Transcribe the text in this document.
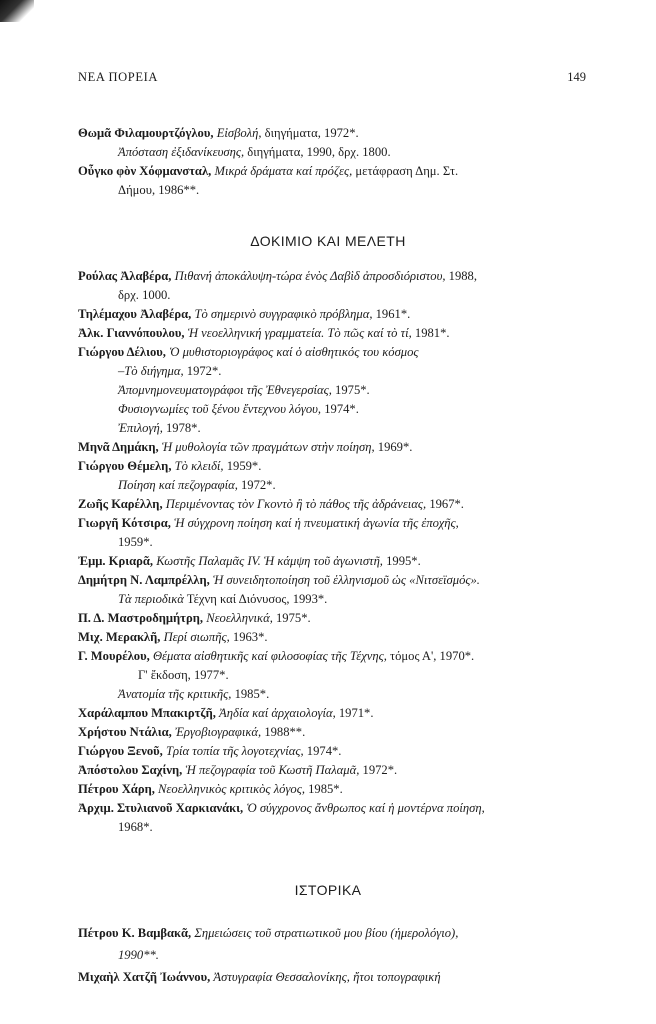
ΝΕΑ ΠΟΡΕΙΑ	149
Θωμᾶ Φιλαμουρτζόγλου, Εἰσβολή, διηγήματα, 1972*.
Ἀπόσταση ἐξιδανίκευσης, διηγήματα, 1990, δρχ. 1800.
Οὖγκο φὸν Χόφμανσταλ, Μικρά δράματα καί πρόζες, μετάφραση Δημ. Στ.
Δήμου, 1986**.
ΔΟΚΙΜΙΟ ΚΑΙ ΜΕΛΕΤΗ
Ρούλας Ἀλαβέρα, Πιθανή ἀποκάλυψη-τώρα ἑνὸς Δαβὶδ ἀπροσδιόριστου, 1988,
δρχ. 1000.
Τηλέμαχου Ἀλαβέρα, Τὸ σημερινὸ συγγραφικὸ πρόβλημα, 1961*.
Ἀλκ. Γιαννόπουλου, Ἡ νεοελληνική γραμματεία. Τὸ πῶς καί τὸ τί, 1981*.
Γιώργου Δέλιου, Ὁ μυθιστοριογράφος καί ὁ αἰσθητικός του κόσμος
–Τὸ διήγημα, 1972*.
Ἀπομνημονευματογράφοι τῆς Ἐθνεγερσίας, 1975*.
Φυσιογνωμίες τοῦ ξένου ἔντεχνου λόγου, 1974*.
Ἐπιλογή, 1978*.
Μηνᾶ Δημάκη, Ἡ μυθολογία τῶν πραγμάτων στὴν ποίηση, 1969*.
Γιώργου Θέμελη, Τὸ κλειδί, 1959*.
Ποίηση καί πεζογραφία, 1972*.
Ζωῆς Καρέλλη, Περιμένοντας τὸν Γκοντὸ ἢ τὸ πάθος τῆς ἀδράνειας, 1967*.
Γιωργῆ Κότσιρα, Ἡ σύγχρονη ποίηση καί ἡ πνευματική ἀγωνία τῆς ἐποχῆς,
1959*.
Ἐμμ. Κριαρᾶ, Κωστῆς Παλαμᾶς IV. Ἡ κάμψη τοῦ ἀγωνιστῆ, 1995*.
Δημήτρη Ν. Λαμπρέλλη, Ἡ συνειδητοποίηση τοῦ ἑλληνισμοῦ ὡς «Νιτσεϊσμός».
Τὰ περιοδικὰ Τέχνη καί Διόνυσος, 1993*.
Π. Δ. Μαστροδημήτρη, Νεοελληνικά, 1975*.
Μιχ. Μερακλῆ, Περί σιωπῆς, 1963*.
Γ. Μουρέλου, Θέματα αἰσθητικῆς καί φιλοσοφίας τῆς Τέχνης, τόμος Α', 1970*.
Γ' ἔκδοση, 1977*.
Ἀνατομία τῆς κριτικῆς, 1985*.
Χαράλαμπου Μπακιρτζῆ, Ἀηδία καί ἀρχαιολογία, 1971*.
Χρήστου Ντάλια, Ἐργοβιογραφικά, 1988**.
Γιώργου Ξενοῦ, Τρία τοπία τῆς λογοτεχνίας, 1974*.
Ἀπόστολου Σαχίνη, Ἡ πεζογραφία τοῦ Κωστῆ Παλαμᾶ, 1972*.
Πέτρου Χάρη, Νεοελληνικὸς κριτικὸς λόγος, 1985*.
Ἀρχιμ. Στυλιανοῦ Χαρκιανάκι, Ὁ σύγχρονος ἄνθρωπος καί ἡ μοντέρνα ποίηση,
1968*.
ΙΣΤΟΡΙΚΑ
Πέτρου Κ. Βαμβακᾶ, Σημειώσεις τοῦ στρατιωτικοῦ μου βίου (ἡμερολόγιο),
1990**.
Μιχαὴλ Χατζῆ Ἰωάννου, Ἀστυγραφία Θεσσαλονίκης, ἤτοι τοπογραφική
